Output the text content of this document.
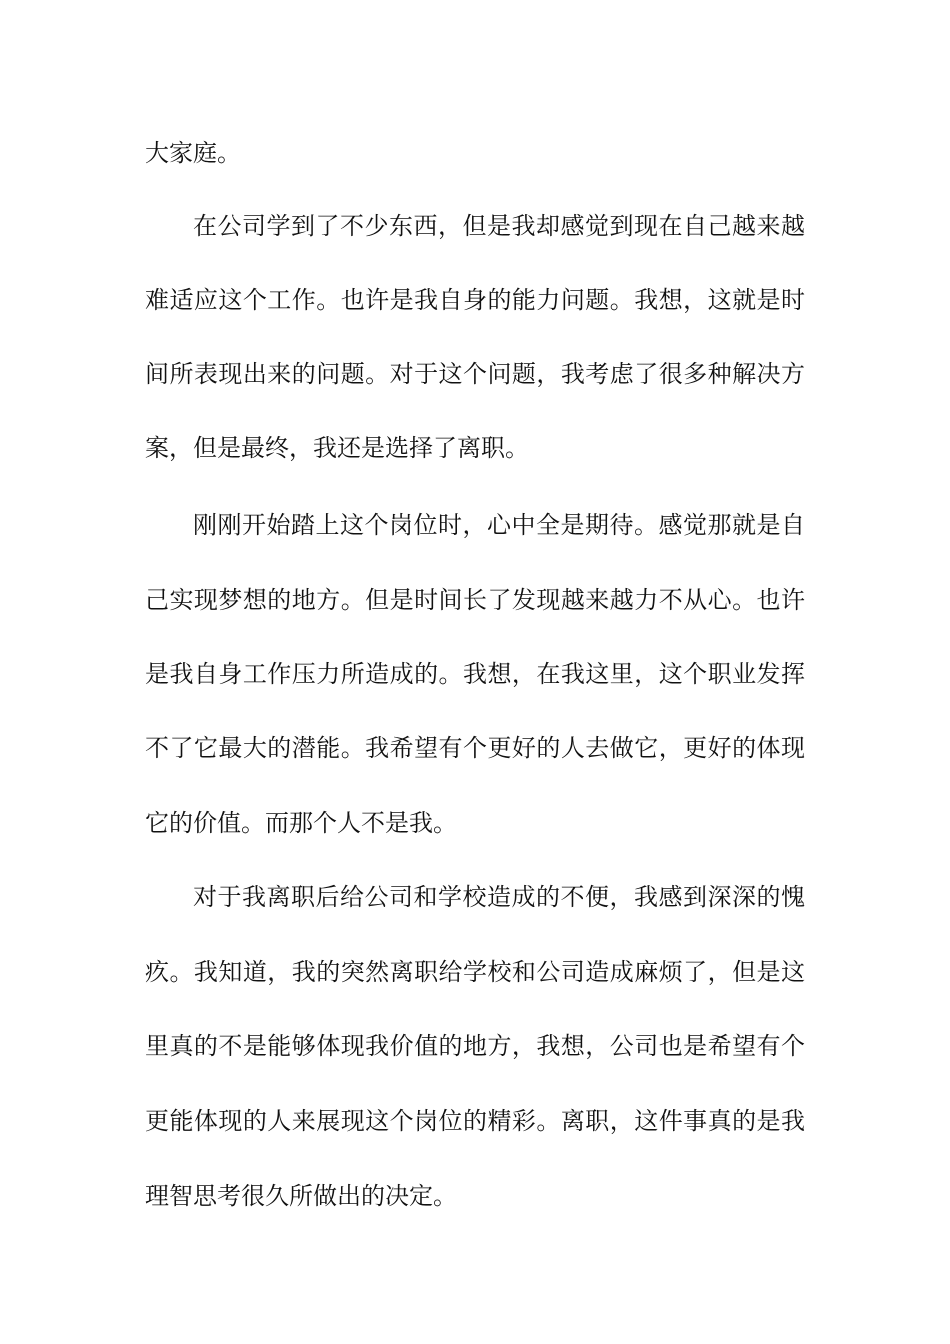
大家庭。
在公司学到了不少东西，但是我却感觉到现在自己越来越
难适应这个工作。也许是我自身的能力问题。我想，这就是时
间所表现出来的问题。对于这个问题，我考虑了很多种解决方
案，但是最终，我还是选择了离职。
刚刚开始踏上这个岗位时，心中全是期待。感觉那就是自
己实现梦想的地方。但是时间长了发现越来越力不从心。也许
是我自身工作压力所造成的。我想，在我这里，这个职业发挥
不了它最大的潜能。我希望有个更好的人去做它，更好的体现
它的价值。而那个人不是我。
对于我离职后给公司和学校造成的不便，我感到深深的愧
疚。我知道，我的突然离职给学校和公司造成麻烦了，但是这
里真的不是能够体现我价值的地方，我想，公司也是希望有个
更能体现的人来展现这个岗位的精彩。离职，这件事真的是我
理智思考很久所做出的决定。
